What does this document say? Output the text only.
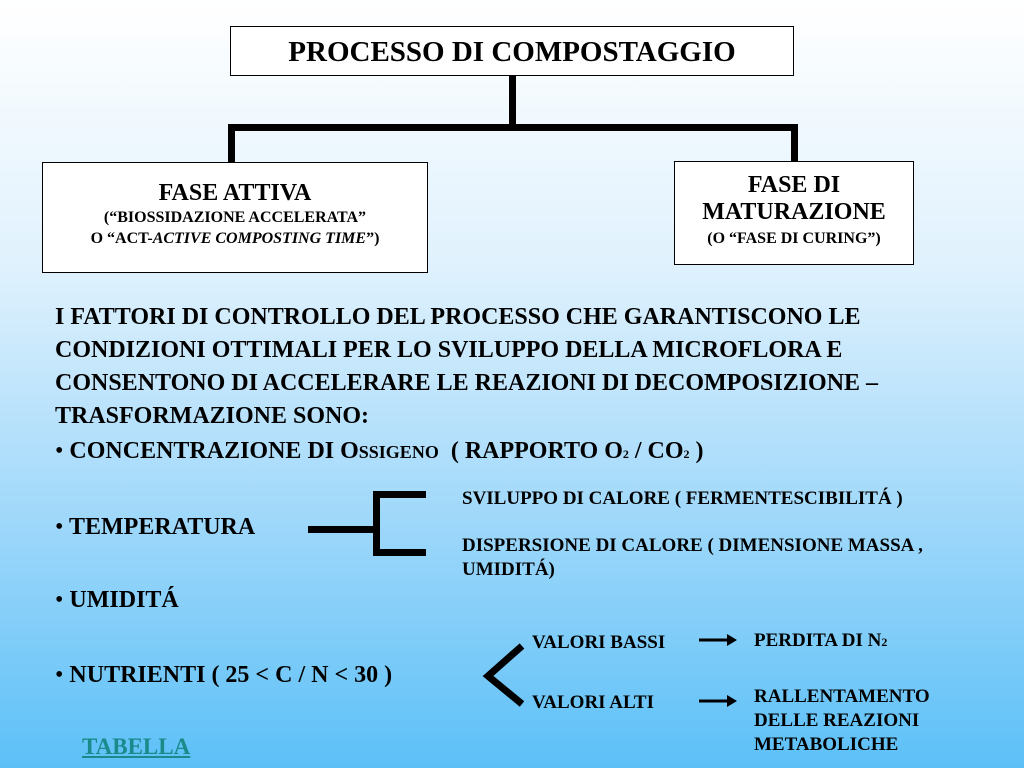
PROCESSO DI COMPOSTAGGIO
FASE ATTIVA
(“BIOSSIDAZIONE ACCELERATA”
O “ACT-ACTIVE COMPOSTING TIME”)
FASE DI
MATURAZIONE
(O “FASE DI CURING”)
I FATTORI DI CONTROLLO DEL PROCESSO CHE GARANTISCONO LE CONDIZIONI OTTIMALI PER LO SVILUPPO DELLA MICROFLORA E CONSENTONO DI ACCELERARE LE REAZIONI DI DECOMPOSIZIONE – TRASFORMAZIONE SONO:
• CONCENTRAZIONE DI OSSIGENO ( RAPPORTO O2 / CO2 )
• TEMPERATURA
SVILUPPO DI CALORE ( FERMENTESCIBILITÁ )
DISPERSIONE DI CALORE ( DIMENSIONE MASSA , UMIDITÁ)
• UMIDITÁ
• NUTRIENTI ( 25 < C / N < 30 )
VALORI BASSI	PERDITA DI N2
VALORI ALTI	RALLENTAMENTO DELLE REAZIONI METABOLICHE
TABELLA
